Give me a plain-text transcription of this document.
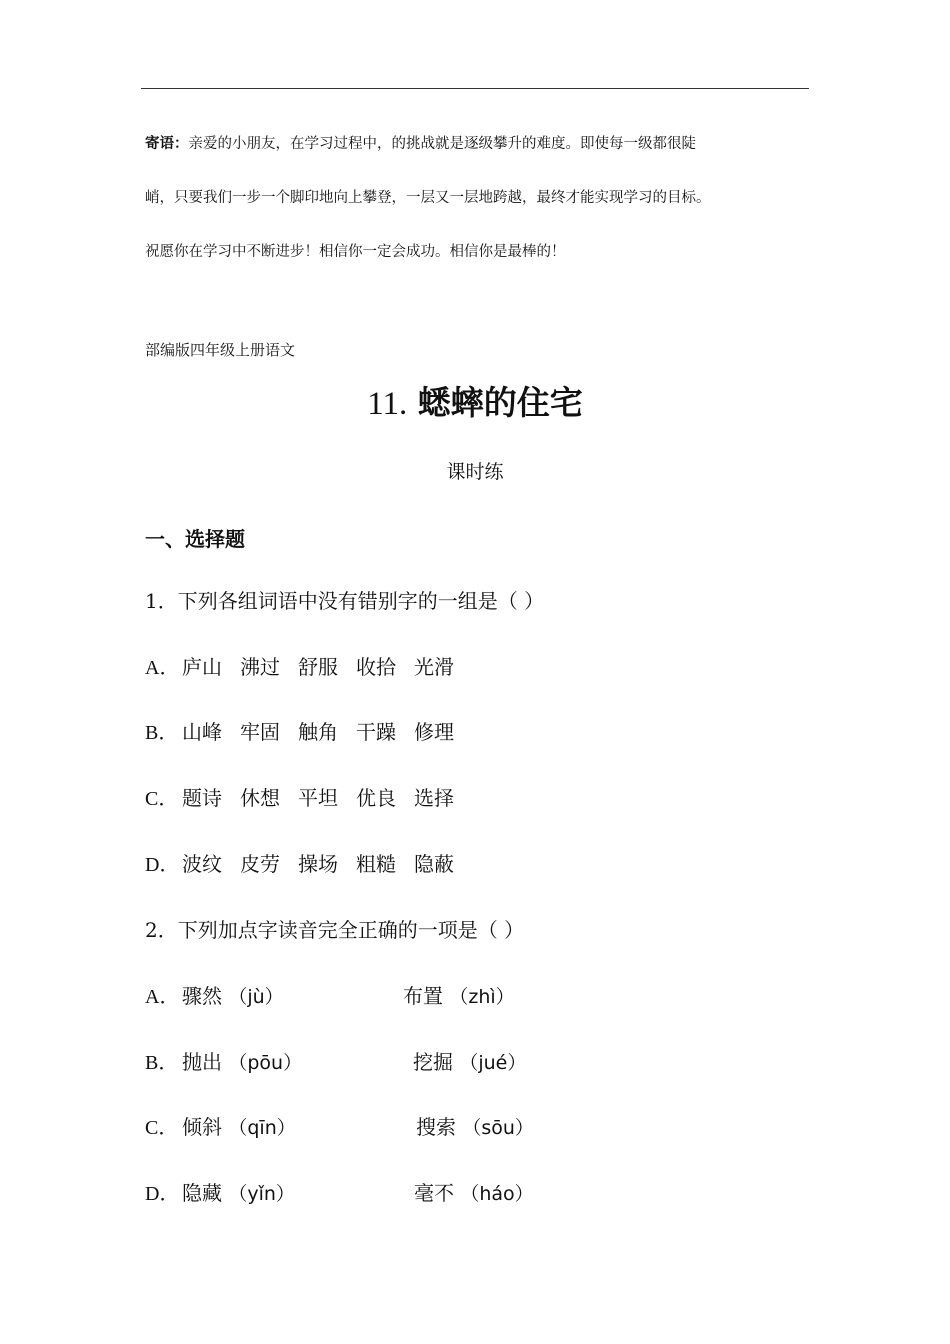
寄语：亲爱的小朋友，在学习过程中，的挑战就是逐级攀升的难度。即使每一级都很陡
峭，只要我们一步一个脚印地向上攀登，一层又一层地跨越，最终才能实现学习的目标。
祝愿你在学习中不断进步！相信你一定会成功。相信你是最棒的！
部编版四年级上册语文
11. 蟋蟀的住宅
课时练
一、选择题
1．下列各组词语中没有错别字的一组是（ ）
A． 庐山 沸过 舒服 收拾 光滑
B． 山峰 牢固 触角 干躁 修理
C． 题诗 休想 平坦 优良 选择
D． 波纹 皮劳 操场 粗糙 隐蔽
2．下列加点字读音完全正确的一项是（ ）
A． 骤然 （jù）	布置 （zhì）
B． 抛出 （pōu）	挖掘 （jué）
C． 倾斜 （qīn）	搜索 （sōu）
D． 隐藏 （yǐn）	毫不 （háo）
